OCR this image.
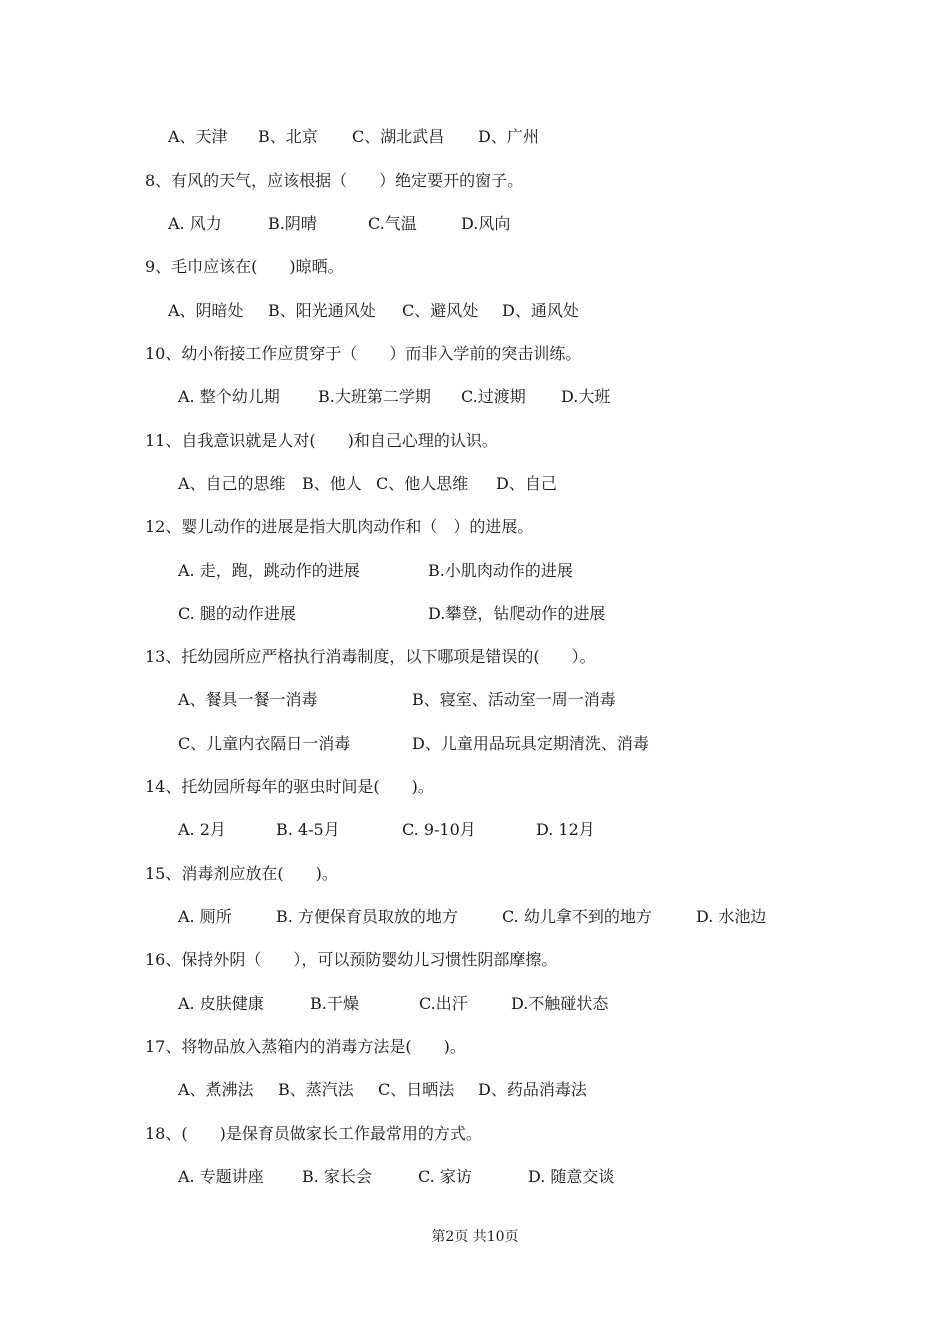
A、天津 B、北京 C、湖北武昌 D、广州
8、有风的天气，应该根据（　　）绝定要开的窗子。
A. 风力	B.阴晴	C.气温	D.风向
9、毛巾应该在(　　)晾晒。
A、阴暗处 B、阳光通风处 C、避风处 D、通风处
10、幼小衔接工作应贯穿于（　　）而非入学前的突击训练。
A. 整个幼儿期 B.大班第二学期 C.过渡期 D.大班
11、自我意识就是人对(　　)和自己心理的认识。
A、自己的思维 B、他人 C、他人思维 D、自己
12、婴儿动作的进展是指大肌肉动作和（　）的进展。
A. 走，跑，跳动作的进展	B.小肌肉动作的进展
C. 腿的动作进展	D.攀登，钻爬动作的进展
13、托幼园所应严格执行消毒制度，以下哪项是错误的(　　）。
A、餐具一餐一消毒	B、寝室、活动室一周一消毒
C、儿童内衣隔日一消毒	D、儿童用品玩具定期清洗、消毒
14、托幼园所每年的驱虫时间是(　　)。
A. 2月	B. 4-5月	C. 9-10月	D. 12月
15、消毒剂应放在(　　)。
A. 厕所	B. 方便保育员取放的地方	C. 幼儿拿不到的地方	D. 水池边
16、保持外阴（　　），可以预防婴幼儿习惯性阴部摩擦。
A. 皮肤健康	B.干燥	C.出汗	D.不触碰状态
17、将物品放入蒸箱内的消毒方法是(　　)。
A、煮沸法 B、蒸汽法 C、日晒法 D、药品消毒法
18、(　　)是保育员做家长工作最常用的方式。
A. 专题讲座 B. 家长会	C. 家访	D. 随意交谈
第2页 共10页
